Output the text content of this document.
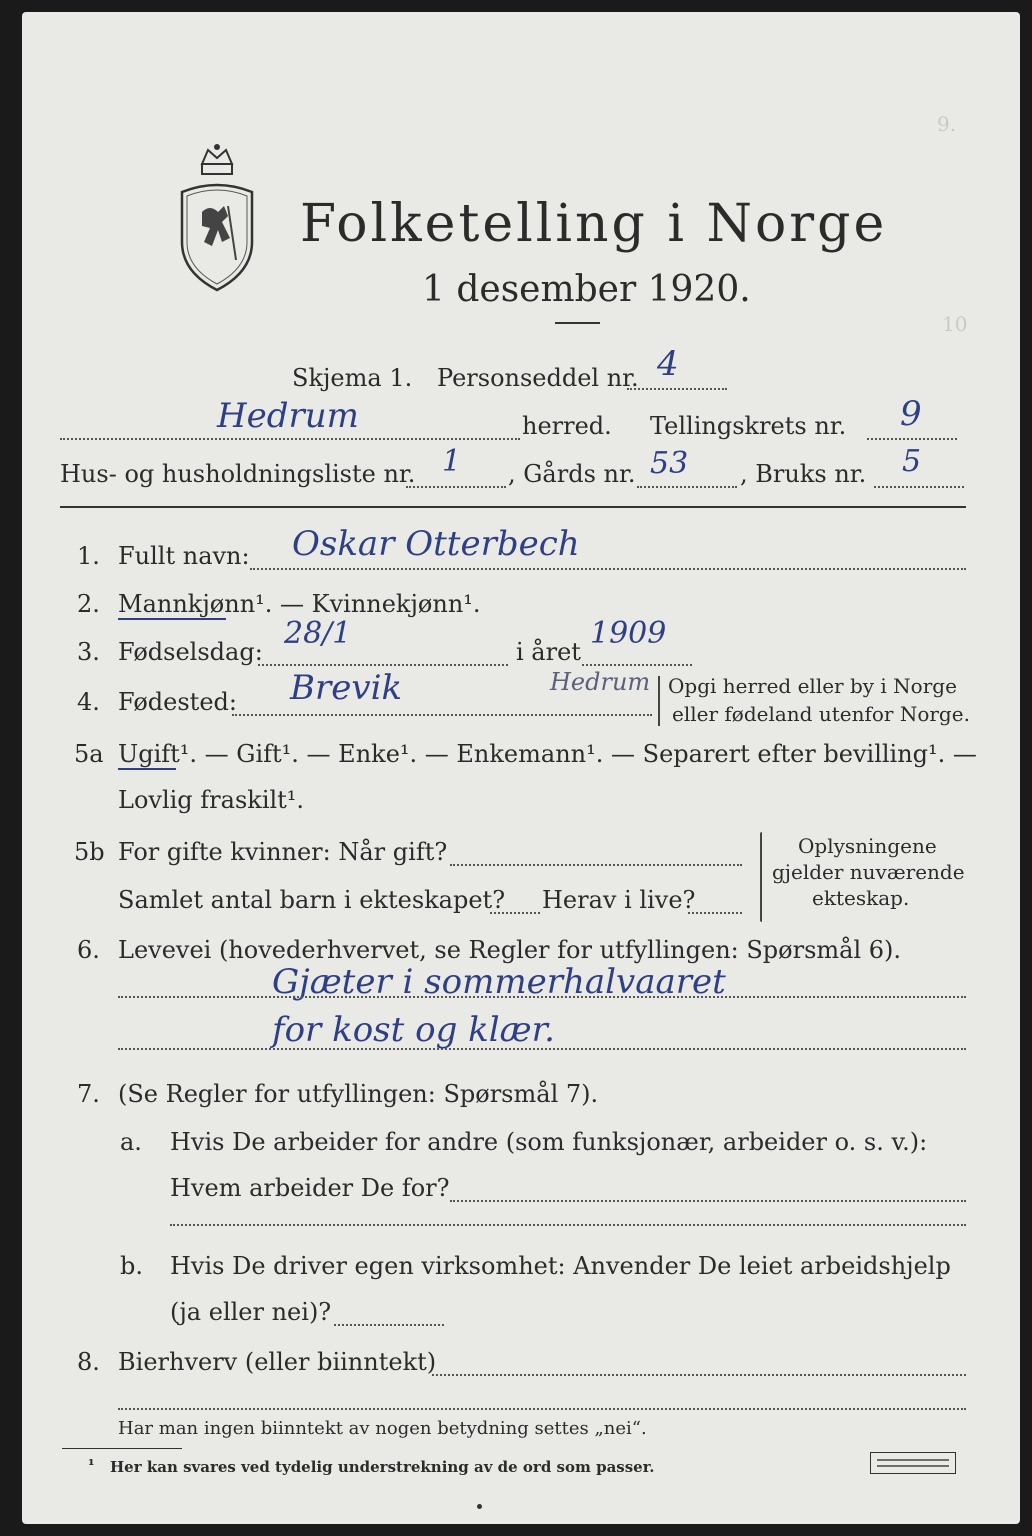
9.
10
Folketelling i Norge
1 desember 1920.
Skjema 1. Personseddel nr. 4
Hedrum	herred. Tellingskrets nr. 9
Hus- og husholdningsliste nr. 1 , Gårds nr. 53 , Bruks nr. 5
1. Fullt navn: Oskar Otterbech
2. Mannkjønn¹. — Kvinnekjønn¹.
3. Fødselsdag:
28/1
i året
1909
4. Fødested: Brevik	Hedrum Opgi herred eller by i Norge
eller fødeland utenfor Norge.
5a Ugift¹. — Gift¹. — Enke¹. — Enkemann¹. — Separert efter bevilling¹. —
Lovlig fraskilt¹.
5b For gifte kvinner: Når gift?
Samlet antal barn i ekteskapet? Herav i live?
Oplysningene
gjelder nuværende
ekteskap.
6. Levevei (hovederhvervet, se Regler for utfyllingen: Spørsmål 6).
Gjæter i sommerhalvaaret
for kost og klær.
7. (Se Regler for utfyllingen: Spørsmål 7).
a. Hvis De arbeider for andre (som funksjonær, arbeider o. s. v.):
Hvem arbeider De for?
b. Hvis De driver egen virksomhet: Anvender De leiet arbeidshjelp
(ja eller nei)?
8. Bierhverv (eller biinntekt)
Har man ingen biinntekt av nogen betydning settes „nei“.
¹ Her kan svares ved tydelig understrekning av de ord som passer.
